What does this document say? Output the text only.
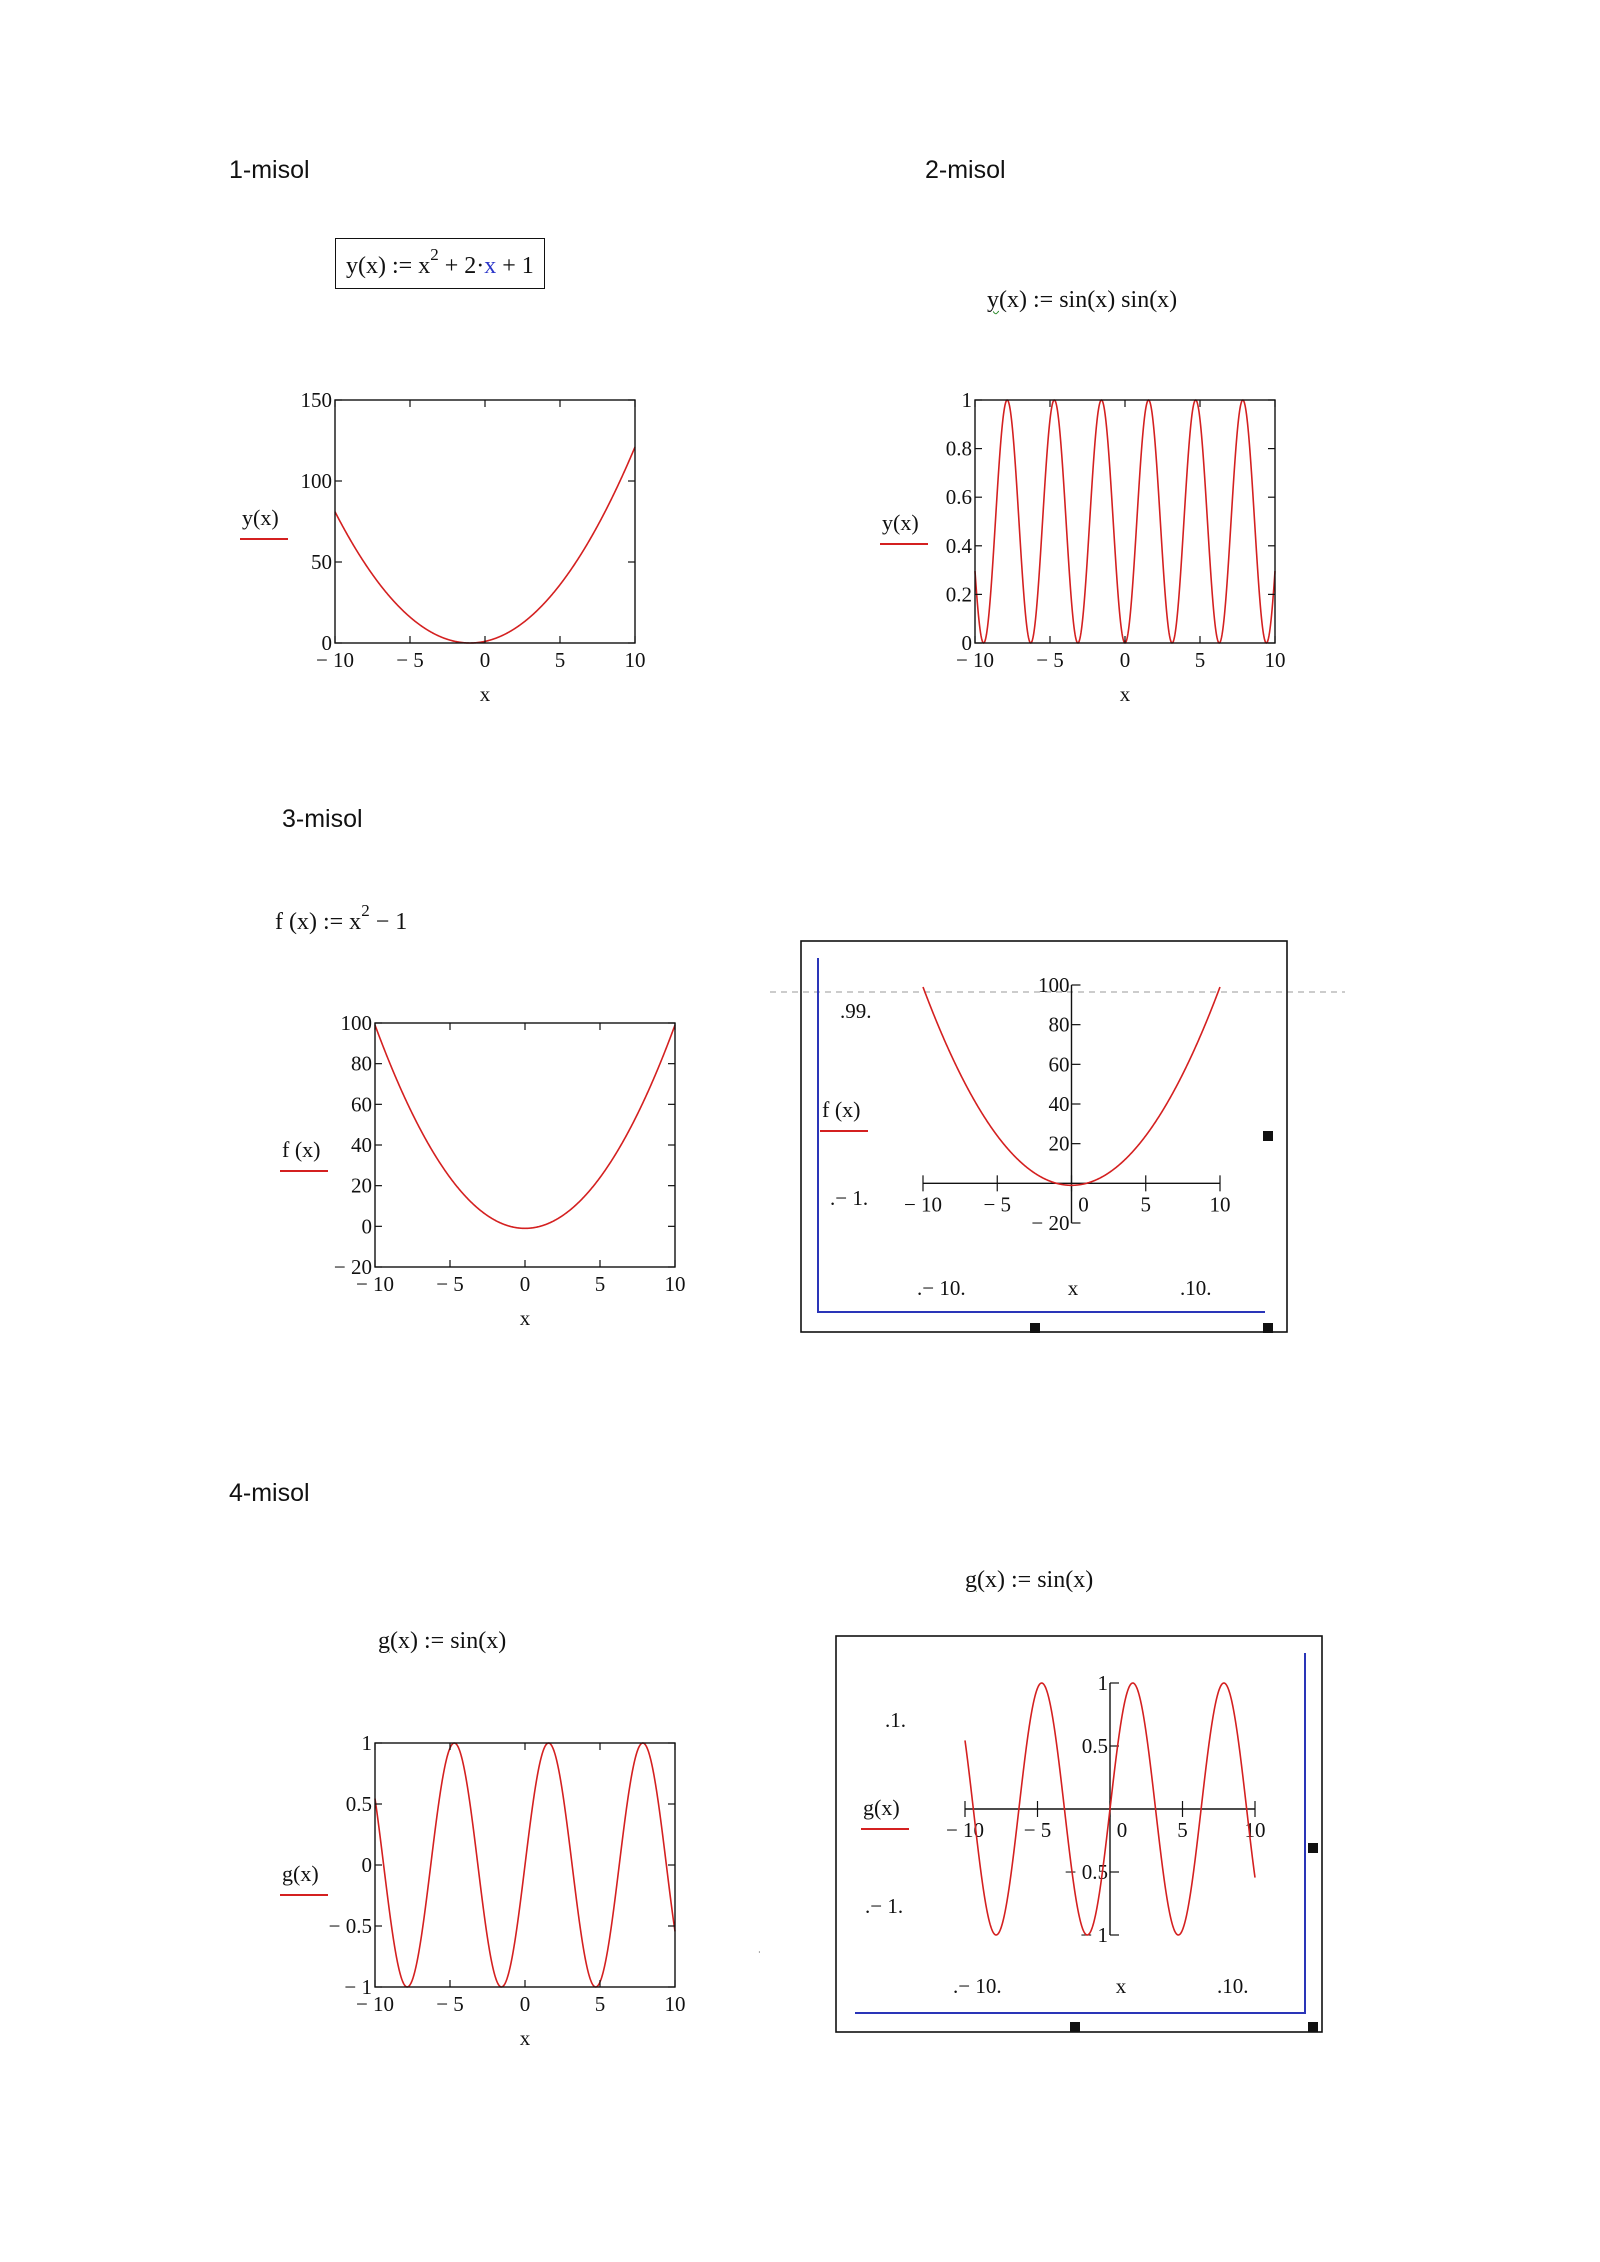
1-misol	2-misol
3-misol
4-misol
y(x) := $x^2 + 2\cdot x + 1$
y(x) := sin(x) sin(x)
f (x) := $x^2 - 1$
g(x) := sin(x)
g(x) := sin(x)
·
− 10 − 5	0	5	10
0
50
100
150
x
y(x)
− 10 − 5	0	5	10
0
0.2
0.4
0.6
0.8
1
x
y(x)
− 10 − 5	0	5	10
− 20
0
20
40
60
80
100
x
f (x)
− 10 − 5	0 5	10
− 20
20
40
60
80
100
.99.
.− 1.
.− 10.	.10.
x
f (x)
− 10 − 5	0	5	10
− 1
− 0.5
0
0.5
1
x
g(x)
− 10 − 5	0 5	10
− 1
− 0.5
0.5
1
.1.
.− 1.
.− 10.	.10.
x
g(x)
